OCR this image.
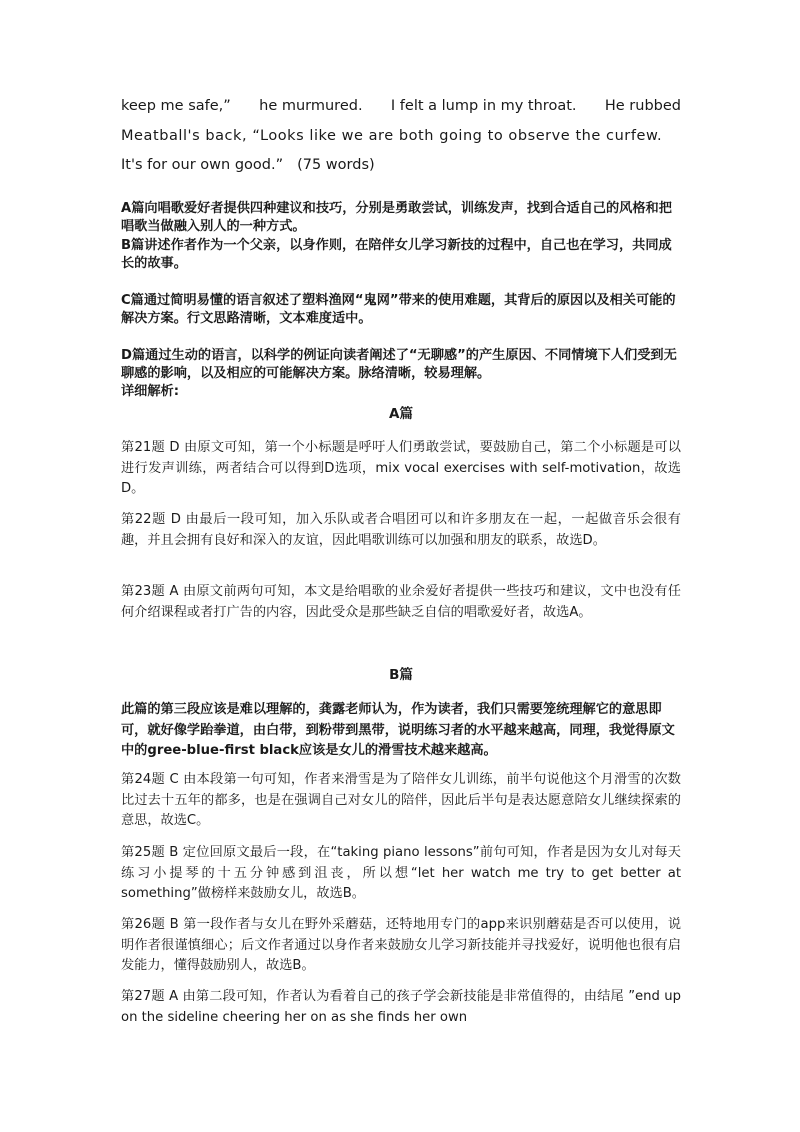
keep me safe,” he murmured. I felt a lump in my throat. He rubbed
Meatball's back, “Looks like we are both going to observe the curfew.
It's for our own good.” (75 words)

A篇向唱歌爱好者提供四种建议和技巧，分别是勇敢尝试，训练发声，找到合适自己的风格和把唱歌当做融入别人的一种方式。

B篇讲述作者作为一个父亲，以身作则，在陪伴女儿学习新技的过程中，自己也在学习，共同成长的故事。

C篇通过简明易懂的语言叙述了塑料渔网“鬼网”带来的使用难题，其背后的原因以及相关可能的解决方案。行文思路清晰，文本难度适中。

D篇通过生动的语言，以科学的例证向读者阐述了“无聊感”的产生原因、不同情境下人们受到无聊感的影响，以及相应的可能解决方案。脉络清晰，较易理解。

详细解析:

A篇

第21题 D 由原文可知，第一个小标题是呼吁人们勇敢尝试，要鼓励自己，第二个小标题是可以进行发声训练，两者结合可以得到D选项，mix vocal exercises with self-motivation，故选D。

第22题 D 由最后一段可知，加入乐队或者合唱团可以和许多朋友在一起，一起做音乐会很有趣，并且会拥有良好和深入的友谊，因此唱歌训练可以加强和朋友的联系，故选D。

第23题 A 由原文前两句可知，本文是给唱歌的业余爱好者提供一些技巧和建议，文中也没有任何介绍课程或者打广告的内容，因此受众是那些缺乏自信的唱歌爱好者，故选A。

B篇

此篇的第三段应该是难以理解的，龚露老师认为，作为读者，我们只需要笼统理解它的意思即可，就好像学跆拳道，由白带，到粉带到黑带，说明练习者的水平越来越高，同理，我觉得原文中的gree-blue-first black应该是女儿的滑雪技术越来越高。

第24题 C 由本段第一句可知，作者来滑雪是为了陪伴女儿训练，前半句说他这个月滑雪的次数比过去十五年的都多，也是在强调自己对女儿的陪伴，因此后半句是表达愿意陪女儿继续探索的意思，故选C。

第25题 B 定位回原文最后一段，在“taking piano lessons”前句可知，作者是因为女儿对每天练习小提琴的十五分钟感到沮丧，所以想“let her watch me try to get better at something”做榜样来鼓励女儿，故选B。

第26题 B 第一段作者与女儿在野外采蘑菇，还特地用专门的app来识别蘑菇是否可以使用，说明作者很谨慎细心；后文作者通过以身作者来鼓励女儿学习新技能并寻找爱好，说明他也很有启发能力，懂得鼓励别人，故选B。

第27题 A 由第二段可知，作者认为看着自己的孩子学会新技能是非常值得的，由结尾 ”end up on the sideline cheering her on as she finds her own
